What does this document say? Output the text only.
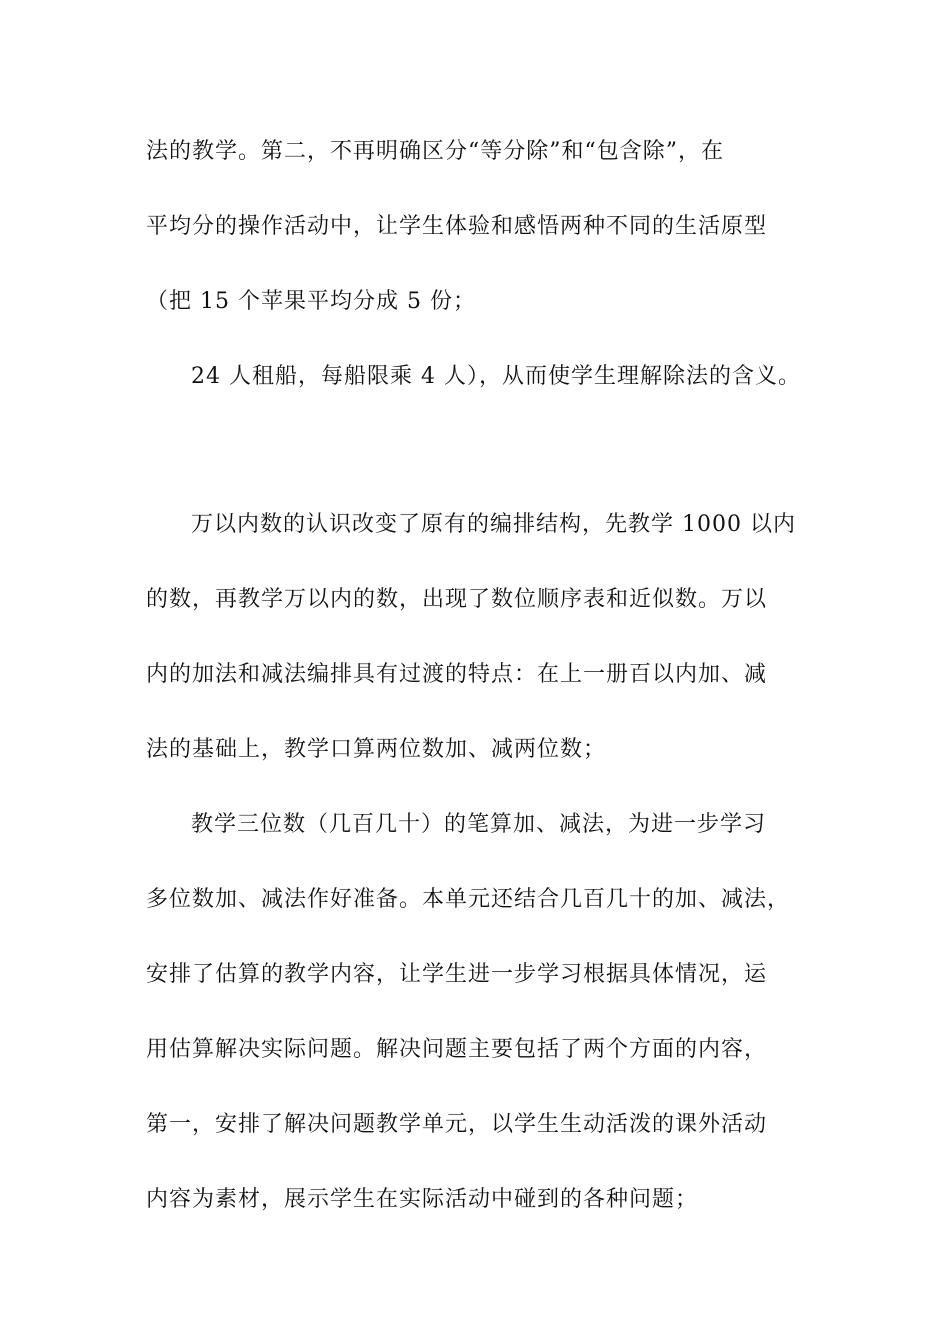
法的教学。第二，不再明确区分“等分除”和“包含除”，在
平均分的操作活动中，让学生体验和感悟两种不同的生活原型
（把 15 个苹果平均分成 5 份；
24 人租船，每船限乘 4 人），从而使学生理解除法的含义。
万以内数的认识改变了原有的编排结构，先教学 1000 以内
的数，再教学万以内的数，出现了数位顺序表和近似数。万以
内的加法和减法编排具有过渡的特点：在上一册百以内加、减
法的基础上，教学口算两位数加、减两位数；
教学三位数（几百几十）的笔算加、减法，为进一步学习
多位数加、减法作好准备。本单元还结合几百几十的加、减法，
安排了估算的教学内容，让学生进一步学习根据具体情况，运
用估算解决实际问题。解决问题主要包括了两个方面的内容，
第一，安排了解决问题教学单元，以学生生动活泼的课外活动
内容为素材，展示学生在实际活动中碰到的各种问题；
